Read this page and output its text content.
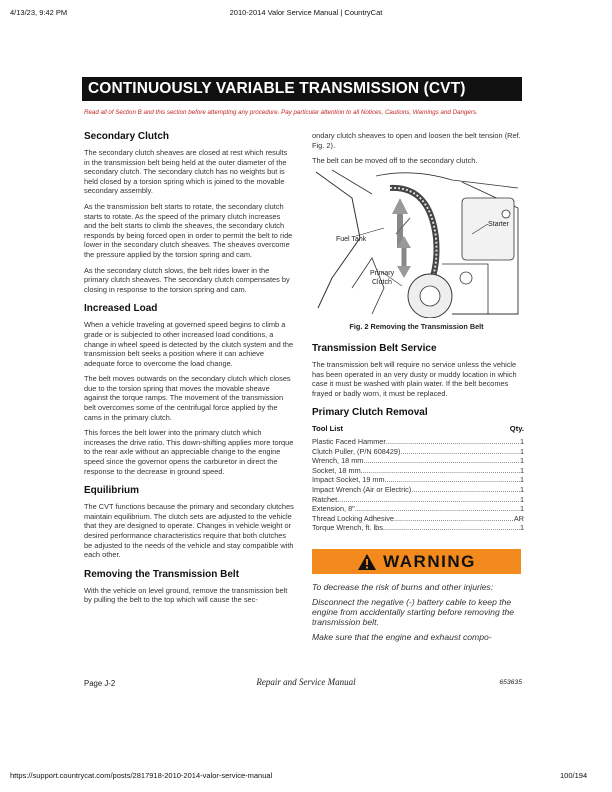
4/13/23, 9:42 PM	2010-2014 Valor Service Manual | CountryCat
CONTINUOUSLY VARIABLE TRANSMISSION (CVT)
Read all of Section B and this section before attempting any procedure. Pay particular attention to all Notices, Cautions, Warnings and Dangers.
Secondary Clutch

The secondary clutch sheaves are closed at rest which results in the transmission belt being held at the outer diameter of the secondary clutch. The secondary clutch has no weights but is held closed by a torsion spring which is joined to the movable secondary assembly.

As the transmission belt starts to rotate, the secondary clutch starts to rotate. As the speed of the primary clutch increases and the belt starts to climb the sheaves, the secondary clutch responds by being forced open in order to permit the belt to ride lower in the secondary clutch sheaves. The sheaves overcome the pressure applied by the torsion spring and cam.

As the secondary clutch slows, the belt rides lower in the primary clutch sheaves. The secondary clutch compensates by closing in response to the torsion spring and cam.

Increased Load

When a vehicle traveling at governed speed begins to climb a grade or is subjected to other increased load conditions, a change in wheel speed is detected by the clutch system and the transmission belt seeks a position where it can achieve adequate force to overcome the load change.

The belt moves outwards on the secondary clutch which closes due to the torsion spring that moves the movable sheave against the torque ramps. The movement of the transmission belt overcomes some of the centrifugal force applied by the cams in the primary clutch.

This forces the belt lower into the primary clutch which increases the drive ratio. This down-shifting applies more torque to the rear axle without an appreciable change to the engine speed since the governor opens the carburetor in direct the response to the decrease in ground speed.

Equilibrium

The CVT functions because the primary and secondary clutches maintain equilibrium. The clutch sets are adjusted to the vehicle that they are designed to operate. Changes in vehicle weight or desired performance characteristics require that both clutches be adjusted to the needs of the vehicle and stay compatible with each other.

Removing the Transmission Belt

With the vehicle on level ground, remove the transmission belt by pulling the belt to the top which will cause the sec-

ondary clutch sheaves to open and loosen the belt tension (Ref. Fig. 2).

The belt can be moved off to the secondary clutch.

Fuel Tank
Starter
Primary
Clutch
Fig. 2 Removing the Transmission Belt
Transmission Belt Service

The transmission belt will require no service unless the vehicle has been operated in an very dusty or muddy location in which case it must be washed with plain water. If the belt becomes frayed or badly worn, it must be replaced.

Primary Clutch Removal
Tool List	Qty.
Plastic Faced Hammer .....	1
Clutch Puller, (P/N 608429) .....	1
Wrench, 18 mm .....	1
Socket, 18 mm .....	1
Impact Socket, 19 mm .....	1
Impact Wrench (Air or Electric) .....	1
Ratchet .....	1
Extension, 8" .....	1
Thread Locking Adhesive .....	AR
Torque Wrench, ft. lbs. .....	1
WARNING

To decrease the risk of burns and other injuries:

Disconnect the negative (-) battery cable to keep the engine from accidentally starting before removing the transmission belt.

Make sure that the engine and exhaust compo-

Page J-2	Repair and Service Manual	653635
https://support.countrycat.com/posts/2817918-2010-2014-valor-service-manual	100/194
